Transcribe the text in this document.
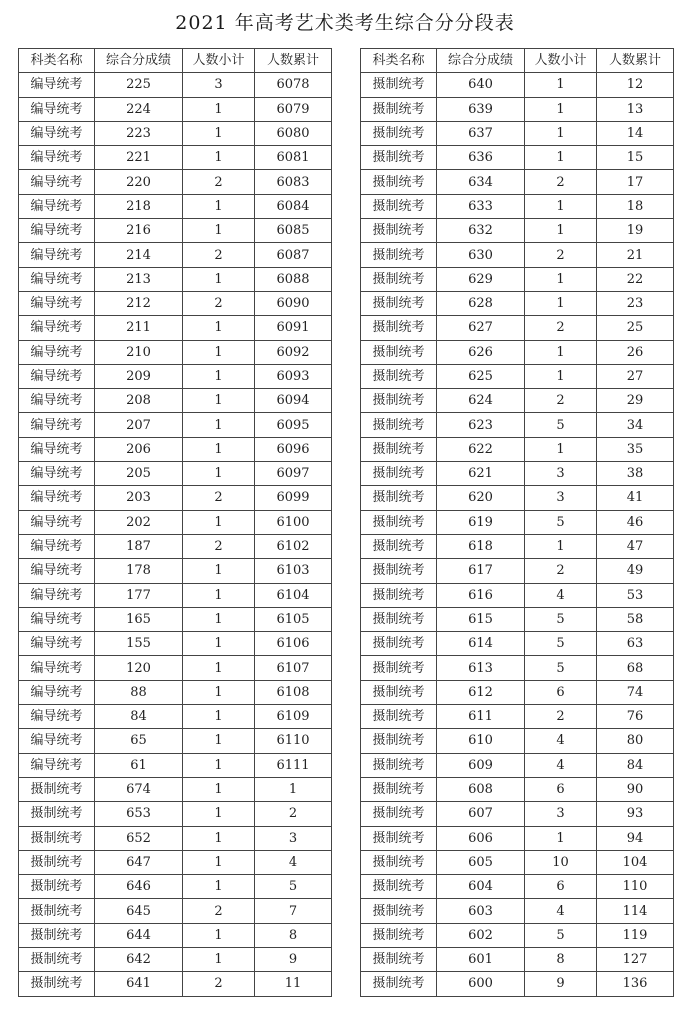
2021 年高考艺术类考生综合分分段表
科类名称	综合分成绩	人数小计	人数累计
编导统考	225	3	6078
编导统考	224	1	6079
编导统考	223	1	6080
编导统考	221	1	6081
编导统考	220	2	6083
编导统考	218	1	6084
编导统考	216	1	6085
编导统考	214	2	6087
编导统考	213	1	6088
编导统考	212	2	6090
编导统考	211	1	6091
编导统考	210	1	6092
编导统考	209	1	6093
编导统考	208	1	6094
编导统考	207	1	6095
编导统考	206	1	6096
编导统考	205	1	6097
编导统考	203	2	6099
编导统考	202	1	6100
编导统考	187	2	6102
编导统考	178	1	6103
编导统考	177	1	6104
编导统考	165	1	6105
编导统考	155	1	6106
编导统考	120	1	6107
编导统考	88	1	6108
编导统考	84	1	6109
编导统考	65	1	6110
编导统考	61	1	6111
摄制统考	674	1	1
摄制统考	653	1	2
摄制统考	652	1	3
摄制统考	647	1	4
摄制统考	646	1	5
摄制统考	645	2	7
摄制统考	644	1	8
摄制统考	642	1	9
摄制统考	641	2	11
科类名称	综合分成绩	人数小计	人数累计
摄制统考	640	1	12
摄制统考	639	1	13
摄制统考	637	1	14
摄制统考	636	1	15
摄制统考	634	2	17
摄制统考	633	1	18
摄制统考	632	1	19
摄制统考	630	2	21
摄制统考	629	1	22
摄制统考	628	1	23
摄制统考	627	2	25
摄制统考	626	1	26
摄制统考	625	1	27
摄制统考	624	2	29
摄制统考	623	5	34
摄制统考	622	1	35
摄制统考	621	3	38
摄制统考	620	3	41
摄制统考	619	5	46
摄制统考	618	1	47
摄制统考	617	2	49
摄制统考	616	4	53
摄制统考	615	5	58
摄制统考	614	5	63
摄制统考	613	5	68
摄制统考	612	6	74
摄制统考	611	2	76
摄制统考	610	4	80
摄制统考	609	4	84
摄制统考	608	6	90
摄制统考	607	3	93
摄制统考	606	1	94
摄制统考	605	10	104
摄制统考	604	6	110
摄制统考	603	4	114
摄制统考	602	5	119
摄制统考	601	8	127
摄制统考	600	9	136
